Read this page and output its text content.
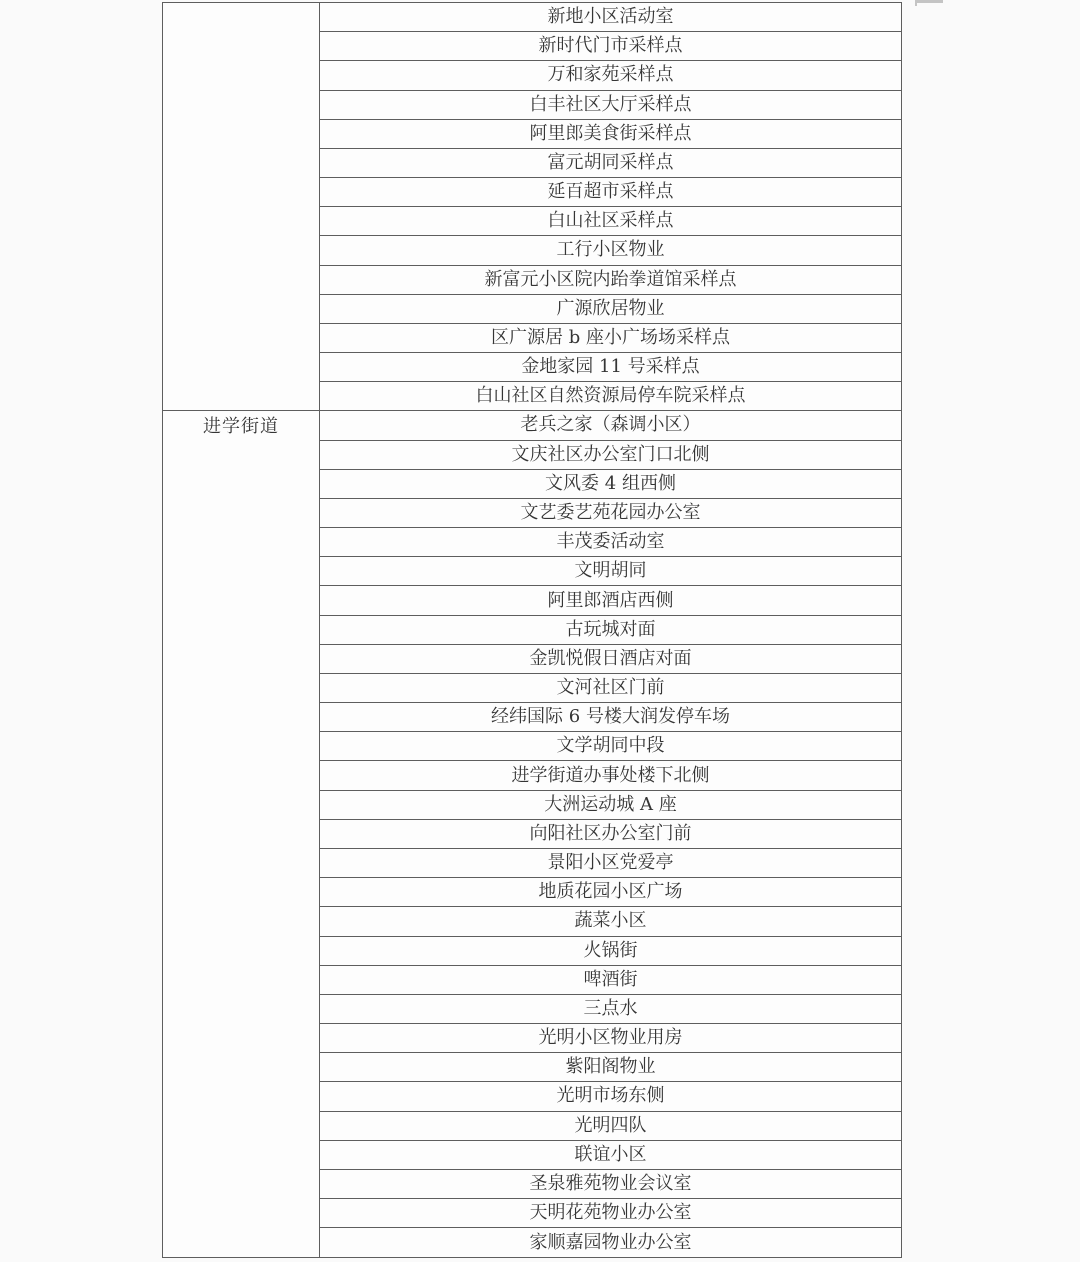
	新地小区活动室
	新时代门市采样点
	万和家苑采样点
	白丰社区大厅采样点
	阿里郎美食街采样点
	富元胡同采样点
	延百超市采样点
	白山社区采样点
	工行小区物业
	新富元小区院内跆拳道馆采样点
	广源欣居物业
	区广源居 b 座小广场场采样点
	金地家园 11 号采样点
	白山社区自然资源局停车院采样点
进学街道	老兵之家（森调小区）
	文庆社区办公室门口北侧
	文风委 4 组西侧
	文艺委艺苑花园办公室
	丰茂委活动室
	文明胡同
	阿里郎酒店西侧
	古玩城对面
	金凯悦假日酒店对面
	文河社区门前
	经纬国际 6 号楼大润发停车场
	文学胡同中段
	进学街道办事处楼下北侧
	大洲运动城 A 座
	向阳社区办公室门前
	景阳小区党爱亭
	地质花园小区广场
	蔬菜小区
	火锅街
	啤酒街
	三点水
	光明小区物业用房
	紫阳阁物业
	光明市场东侧
	光明四队
	联谊小区
	圣泉雅苑物业会议室
	天明花苑物业办公室
	家顺嘉园物业办公室
